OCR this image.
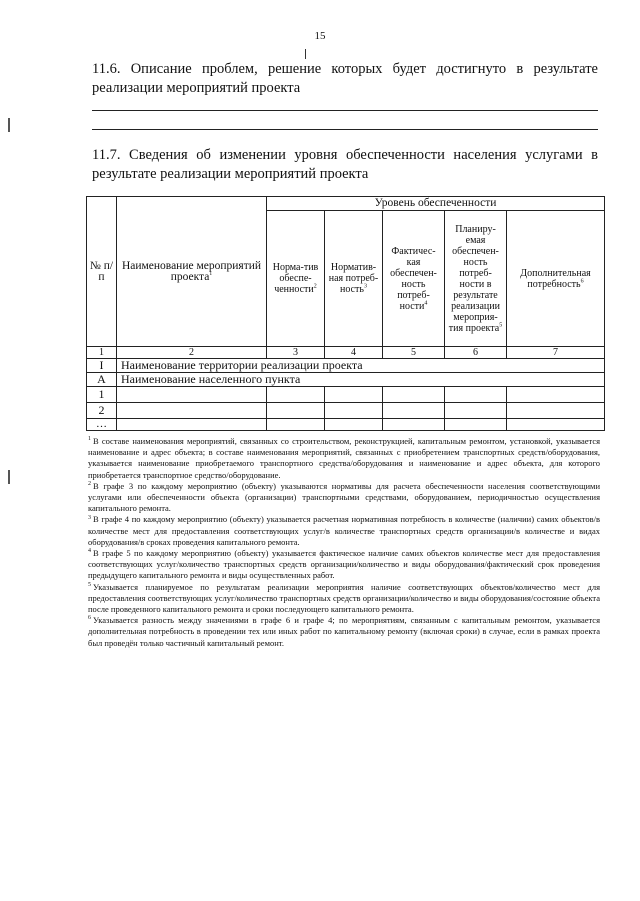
15
11.6. Описание проблем, решение которых будет достигнуто в результате
реализации мероприятий проекта
11.7. Сведения об изменении уровня обеспеченности населения услугами в
результате реализации мероприятий проекта
№ п/п	Наименование мероприятий проекта$^1$	Уровень обеспеченности				
		Норма-тив обеспе-ченности$^2$	Норматив-ная потреб-ность$^3$	Фактичес-кая обеспечен-ность потреб-ности$^4$	Планиру-емая обеспечен-ность потреб-ности в результате реализации мероприя-тия проекта$^5$	Дополнительная потребность$^6$
1	2	3	4	5	6	7
I	Наименование территории реализации проекта					
А	Наименование населенного пункта					
1						
2						
…						

$^1$ В составе наименования мероприятий, связанных со строительством, реконструкцией, капитальным ремонтом, установкой, указывается наименование и адрес объекта; в составе наименования мероприятий, связанных с приобретением транспортных средств/оборудования, указывается наименование приобретаемого транспортного средства/оборудования и наименование и адрес объекта, для которого приобретается транспортное средство/оборудование.

$^2$ В графе 3 по каждому мероприятию (объекту) указываются нормативы для расчета обеспеченности населения соответствующими услугами или обеспеченности объекта (организации) транспортными средствами, оборудованием, периодичностью осуществления капитального ремонта.

$^3$ В графе 4 по каждому мероприятию (объекту) указывается расчетная нормативная потребность в количестве (наличии) самих объектов/в количестве мест для предоставления соответствующих услуг/в количестве транспортных средств организации/в количестве и видах оборудования/в сроках проведения капитального ремонта.

$^4$ В графе 5 по каждому мероприятию (объекту) указывается фактическое наличие самих объектов количестве мест для предоставления соответствующих услуг/количество транспортных средств организации/количество и виды оборудования/фактический срок проведения предыдущего капитального ремонта и виды осуществленных работ.

$^5$ Указывается планируемое по результатам реализации мероприятия наличие соответствующих объектов/количество мест для предоставления соответствующих услуг/количество транспортных средств организации/количество и виды оборудования/состояние объекта после проведенного капитального ремонта и сроки последующего капитального ремонта.

$^6$ Указывается разность между значениями в графе 6 и графе 4; по мероприятиям, связанным с капитальным ремонтом, указывается дополнительная потребность в проведении тех или иных работ по капитальному ремонту (включая сроки) в случае, если в рамках проекта был проведён только частичный капитальный ремонт.
